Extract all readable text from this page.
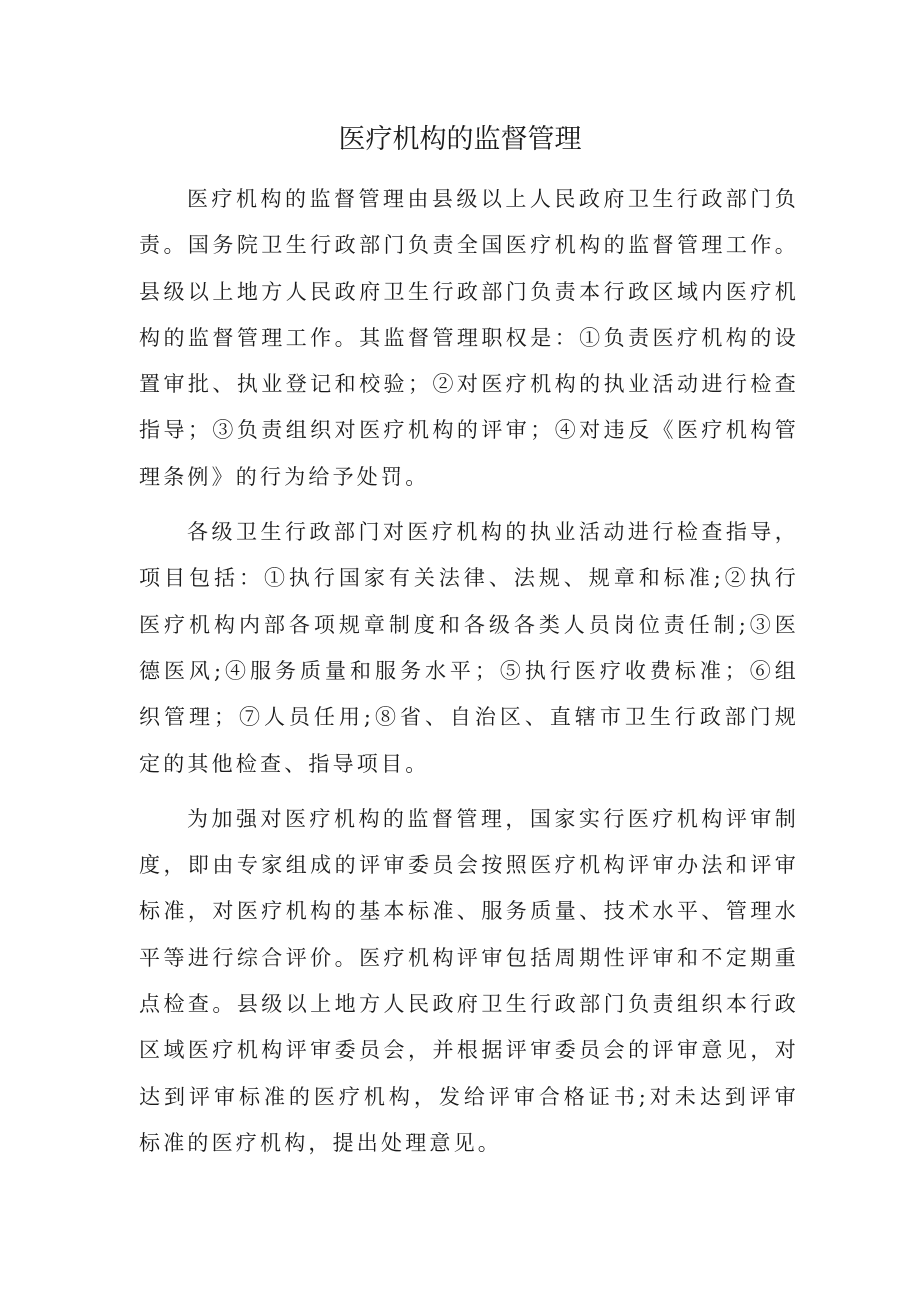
医疗机构的监督管理

医疗机构的监督管理由县级以上人民政府卫生行政部门负责。国务院卫生行政部门负责全国医疗机构的监督管理工作。县级以上地方人民政府卫生行政部门负责本行政区域内医疗机构的监督管理工作。其监督管理职权是：①负责医疗机构的设置审批、执业登记和校验；②对医疗机构的执业活动进行检查指导；③负责组织对医疗机构的评审；④对违反《医疗机构管理条例》的行为给予处罚。

各级卫生行政部门对医疗机构的执业活动进行检查指导，项目包括：①执行国家有关法律、法规、规章和标准;②执行医疗机构内部各项规章制度和各级各类人员岗位责任制;③医德医风;④服务质量和服务水平；⑤执行医疗收费标准；⑥组织管理；⑦人员任用;⑧省、自治区、直辖市卫生行政部门规定的其他检查、指导项目。

为加强对医疗机构的监督管理，国家实行医疗机构评审制度，即由专家组成的评审委员会按照医疗机构评审办法和评审标准，对医疗机构的基本标准、服务质量、技术水平、管理水平等进行综合评价。医疗机构评审包括周期性评审和不定期重点检查。县级以上地方人民政府卫生行政部门负责组织本行政区域医疗机构评审委员会，并根据评审委员会的评审意见，对达到评审标准的医疗机构，发给评审合格证书;对未达到评审标准的医疗机构，提出处理意见。
